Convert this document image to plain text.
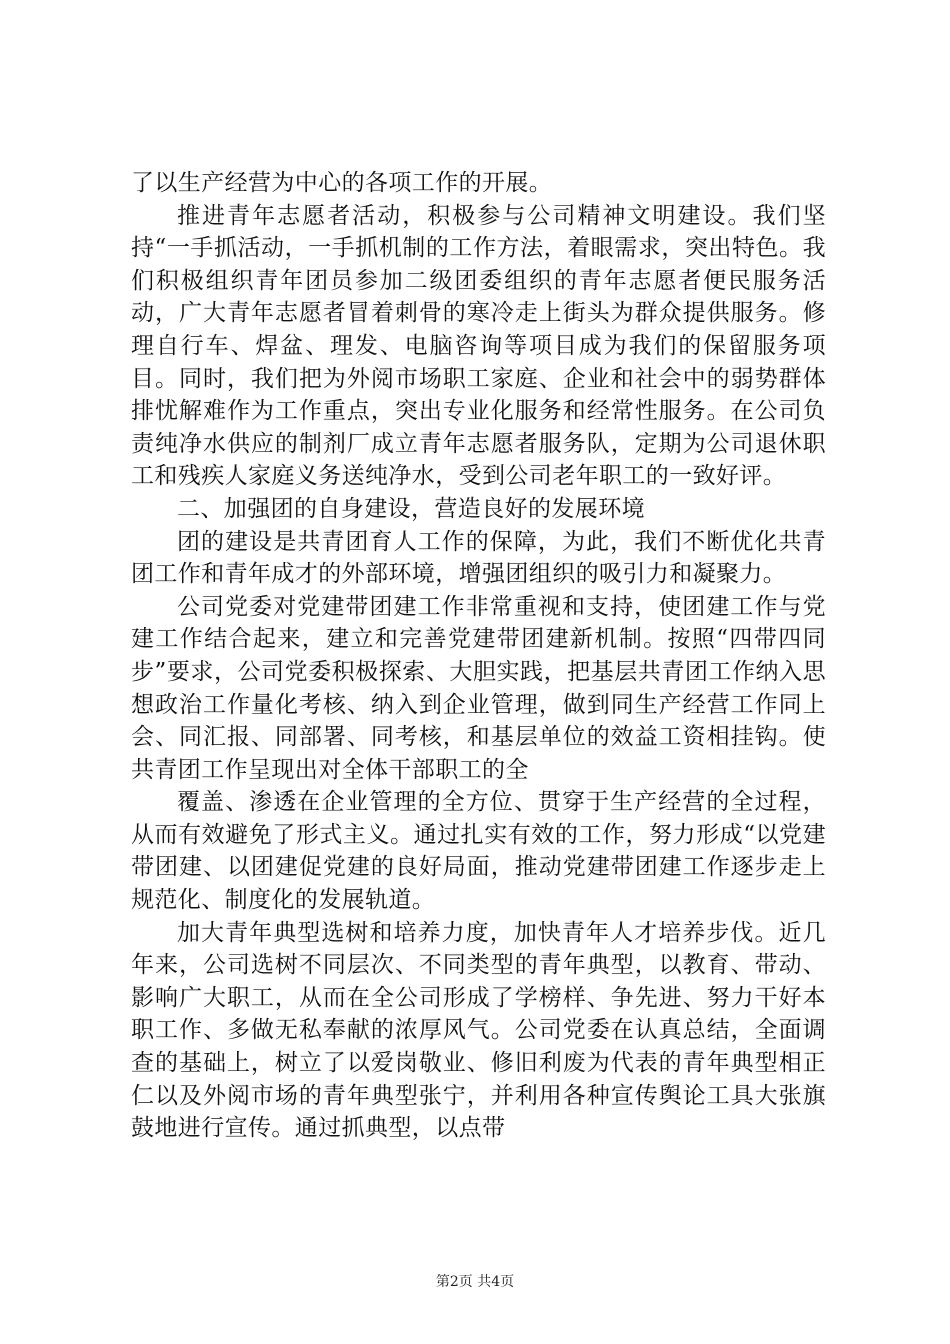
了以生产经营为中心的各项工作的开展。

推进青年志愿者活动，积极参与公司精神文明建设。我们坚持“一手抓活动，一手抓机制的工作方法，着眼需求，突出特色。我们积极组织青年团员参加二级团委组织的青年志愿者便民服务活动，广大青年志愿者冒着刺骨的寒冷走上街头为群众提供服务。修理自行车、焊盆、理发、电脑咨询等项目成为我们的保留服务项目。同时，我们把为外阅市场职工家庭、企业和社会中的弱势群体排忧解难作为工作重点，突出专业化服务和经常性服务。在公司负责纯净水供应的制剂厂成立青年志愿者服务队，定期为公司退休职工和残疾人家庭义务送纯净水，受到公司老年职工的一致好评。

二、加强团的自身建设，营造良好的发展环境

团的建设是共青团育人工作的保障，为此，我们不断优化共青团工作和青年成才的外部环境，增强团组织的吸引力和凝聚力。

公司党委对党建带团建工作非常重视和支持，使团建工作与党建工作结合起来，建立和完善党建带团建新机制。按照“四带四同步”要求，公司党委积极探索、大胆实践，把基层共青团工作纳入思想政治工作量化考核、纳入到企业管理，做到同生产经营工作同上会、同汇报、同部署、同考核，和基层单位的效益工资相挂钩。使共青团工作呈现出对全体干部职工的全

覆盖、渗透在企业管理的全方位、贯穿于生产经营的全过程，从而有效避免了形式主义。通过扎实有效的工作，努力形成“以党建带团建、以团建促党建的良好局面，推动党建带团建工作逐步走上规范化、制度化的发展轨道。

加大青年典型选树和培养力度，加快青年人才培养步伐。近几年来，公司选树不同层次、不同类型的青年典型，以教育、带动、影响广大职工，从而在全公司形成了学榜样、争先进、努力干好本职工作、多做无私奉献的浓厚风气。公司党委在认真总结，全面调查的基础上，树立了以爱岗敬业、修旧利废为代表的青年典型相正仁以及外阅市场的青年典型张宁，并利用各种宣传舆论工具大张旗鼓地进行宣传。通过抓典型，以点带

第2页 共4页
